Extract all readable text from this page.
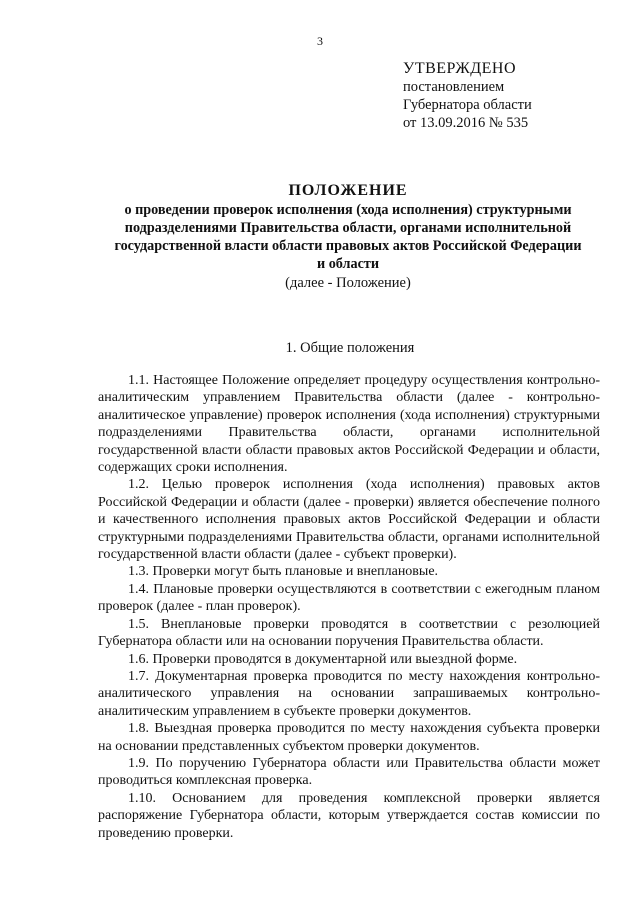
3
УТВЕРЖДЕНО
постановлением
Губернатора области
от 13.09.2016 № 535
ПОЛОЖЕНИЕ
о проведении проверок исполнения (хода исполнения) структурными
подразделениями Правительства области, органами исполнительной
государственной власти области правовых актов Российской Федерации
и области
(далее - Положение)
1. Общие положения

1.1. Настоящее Положение определяет процедуру осуществления контрольно-аналитическим управлением Правительства области (далее - контрольно-аналитическое управление) проверок исполнения (хода исполнения) структурными подразделениями Правительства области, органами исполнительной государственной власти области правовых актов Российской Федерации и области, содержащих сроки исполнения.

1.2. Целью проверок исполнения (хода исполнения) правовых актов Российской Федерации и области (далее - проверки) является обеспечение полного и качественного исполнения правовых актов Российской Федерации и области структурными подразделениями Правительства области, органами исполнительной государственной власти области (далее - субъект проверки).

1.3. Проверки могут быть плановые и внеплановые.

1.4. Плановые проверки осуществляются в соответствии с ежегодным планом проверок (далее - план проверок).

1.5. Внеплановые проверки проводятся в соответствии с резолюцией Губернатора области или на основании поручения Правительства области.

1.6. Проверки проводятся в документарной или выездной форме.

1.7. Документарная проверка проводится по месту нахождения контрольно-аналитического управления на основании запрашиваемых контрольно-аналитическим управлением в субъекте проверки документов.

1.8. Выездная проверка проводится по месту нахождения субъекта проверки на основании представленных субъектом проверки документов.

1.9. По поручению Губернатора области или Правительства области может проводиться комплексная проверка.

1.10. Основанием для проведения комплексной проверки является распоряжение Губернатора области, которым утверждается состав комиссии по проведению проверки.
